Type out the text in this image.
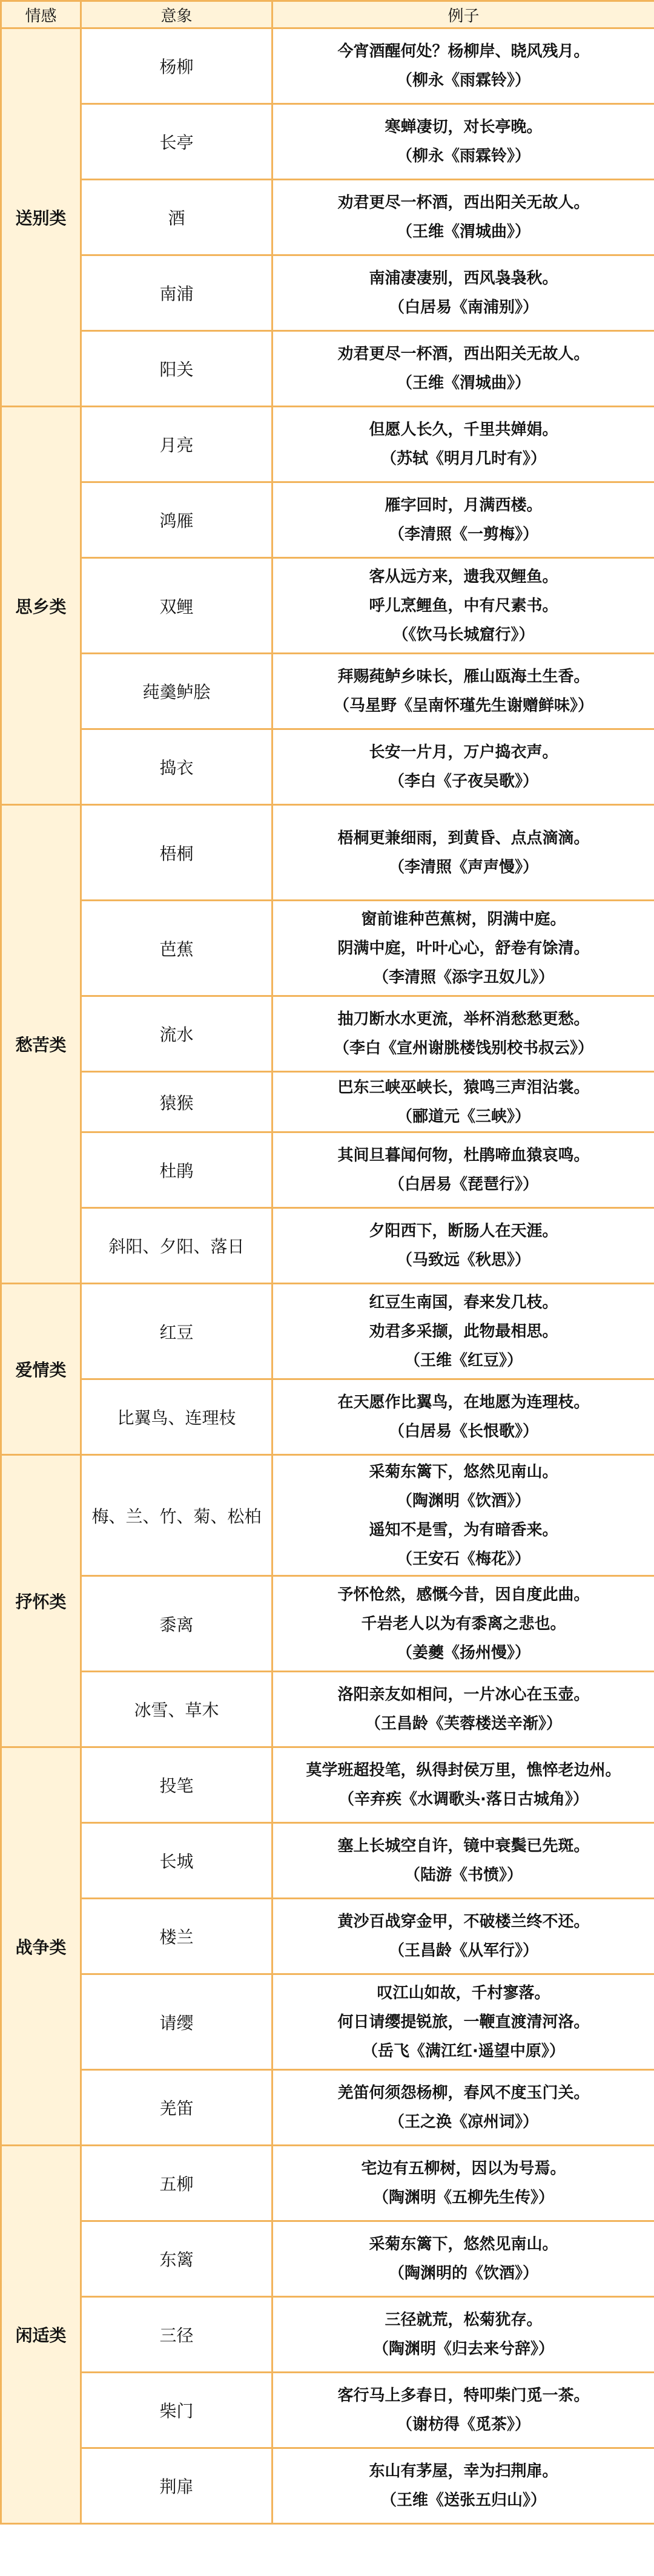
情感	意象	例子
送别类	杨柳	今宵酒醒何处？杨柳岸、晓风残月。
（柳永《雨霖铃》）

	长亭	寒蝉凄切，对长亭晚。
（柳永《雨霖铃》）

	酒	劝君更尽一杯酒，西出阳关无故人。
（王维《渭城曲》）

	南浦	南浦凄凄别，西风袅袅秋。
（白居易《南浦别》）

	阳关	劝君更尽一杯酒，西出阳关无故人。
（王维《渭城曲》）

思乡类	月亮	但愿人长久，千里共婵娟。
（苏轼《明月几时有》）

	鸿雁	雁字回时，月满西楼。
（李清照《一剪梅》）

	双鲤	客从远方来，遗我双鲤鱼。
呼儿烹鲤鱼，中有尺素书。
（《饮马长城窟行》）

	莼羹鲈脍	拜赐莼鲈乡味长，雁山瓯海土生香。
（马星野《呈南怀瑾先生谢赠鲜味》）

	捣衣	长安一片月，万户捣衣声。
（李白《子夜吴歌》）

愁苦类	梧桐	梧桐更兼细雨，到黄昏、点点滴滴。
（李清照《声声慢》）

	芭蕉	窗前谁种芭蕉树，阴满中庭。
阴满中庭，叶叶心心，舒卷有馀清。
（李清照《添字丑奴儿》）

	流水	抽刀断水水更流，举杯消愁愁更愁。
（李白《宣州谢朓楼饯别校书叔云》）

	猿猴	巴东三峡巫峡长，猿鸣三声泪沾裳。
（郦道元《三峡》）

	杜鹃	其间旦暮闻何物，杜鹃啼血猿哀鸣。
（白居易《琵琶行》）

	斜阳、夕阳、落日	夕阳西下，断肠人在天涯。
（马致远《秋思》）

爱情类	红豆	红豆生南国，春来发几枝。
劝君多采撷，此物最相思。
（王维《红豆》）

	比翼鸟、连理枝	在天愿作比翼鸟，在地愿为连理枝。
（白居易《长恨歌》）

抒怀类	梅、兰、竹、菊、松柏	采菊东篱下，悠然见南山。
（陶渊明《饮酒》）
遥知不是雪，为有暗香来。
（王安石《梅花》）

	黍离	予怀怆然，感慨今昔，因自度此曲。
千岩老人以为有黍离之悲也。
（姜夔《扬州慢》）

	冰雪、草木	洛阳亲友如相问，一片冰心在玉壶。
（王昌龄《芙蓉楼送辛渐》）

战争类	投笔	莫学班超投笔，纵得封侯万里，憔悴老边州。
（辛弃疾《水调歌头·落日古城角》）

	长城	塞上长城空自许，镜中衰鬓已先斑。
（陆游《书愤》）

	楼兰	黄沙百战穿金甲，不破楼兰终不还。
（王昌龄《从军行》）

	请缨	叹江山如故，千村寥落。
何日请缨提锐旅，一鞭直渡清河洛。
（岳飞《满江红·遥望中原》）

	羌笛	羌笛何须怨杨柳，春风不度玉门关。
（王之涣《凉州词》）

闲适类	五柳	宅边有五柳树，因以为号焉。
（陶渊明《五柳先生传》）

	东篱	采菊东篱下，悠然见南山。
（陶渊明的《饮酒》）

	三径	三径就荒，松菊犹存。
（陶渊明《归去来兮辞》）

	柴门	客行马上多春日，特叩柴门觅一茶。
（谢枋得《觅茶》）

	荆扉	东山有茅屋，幸为扫荆扉。
（王维《送张五归山》）
